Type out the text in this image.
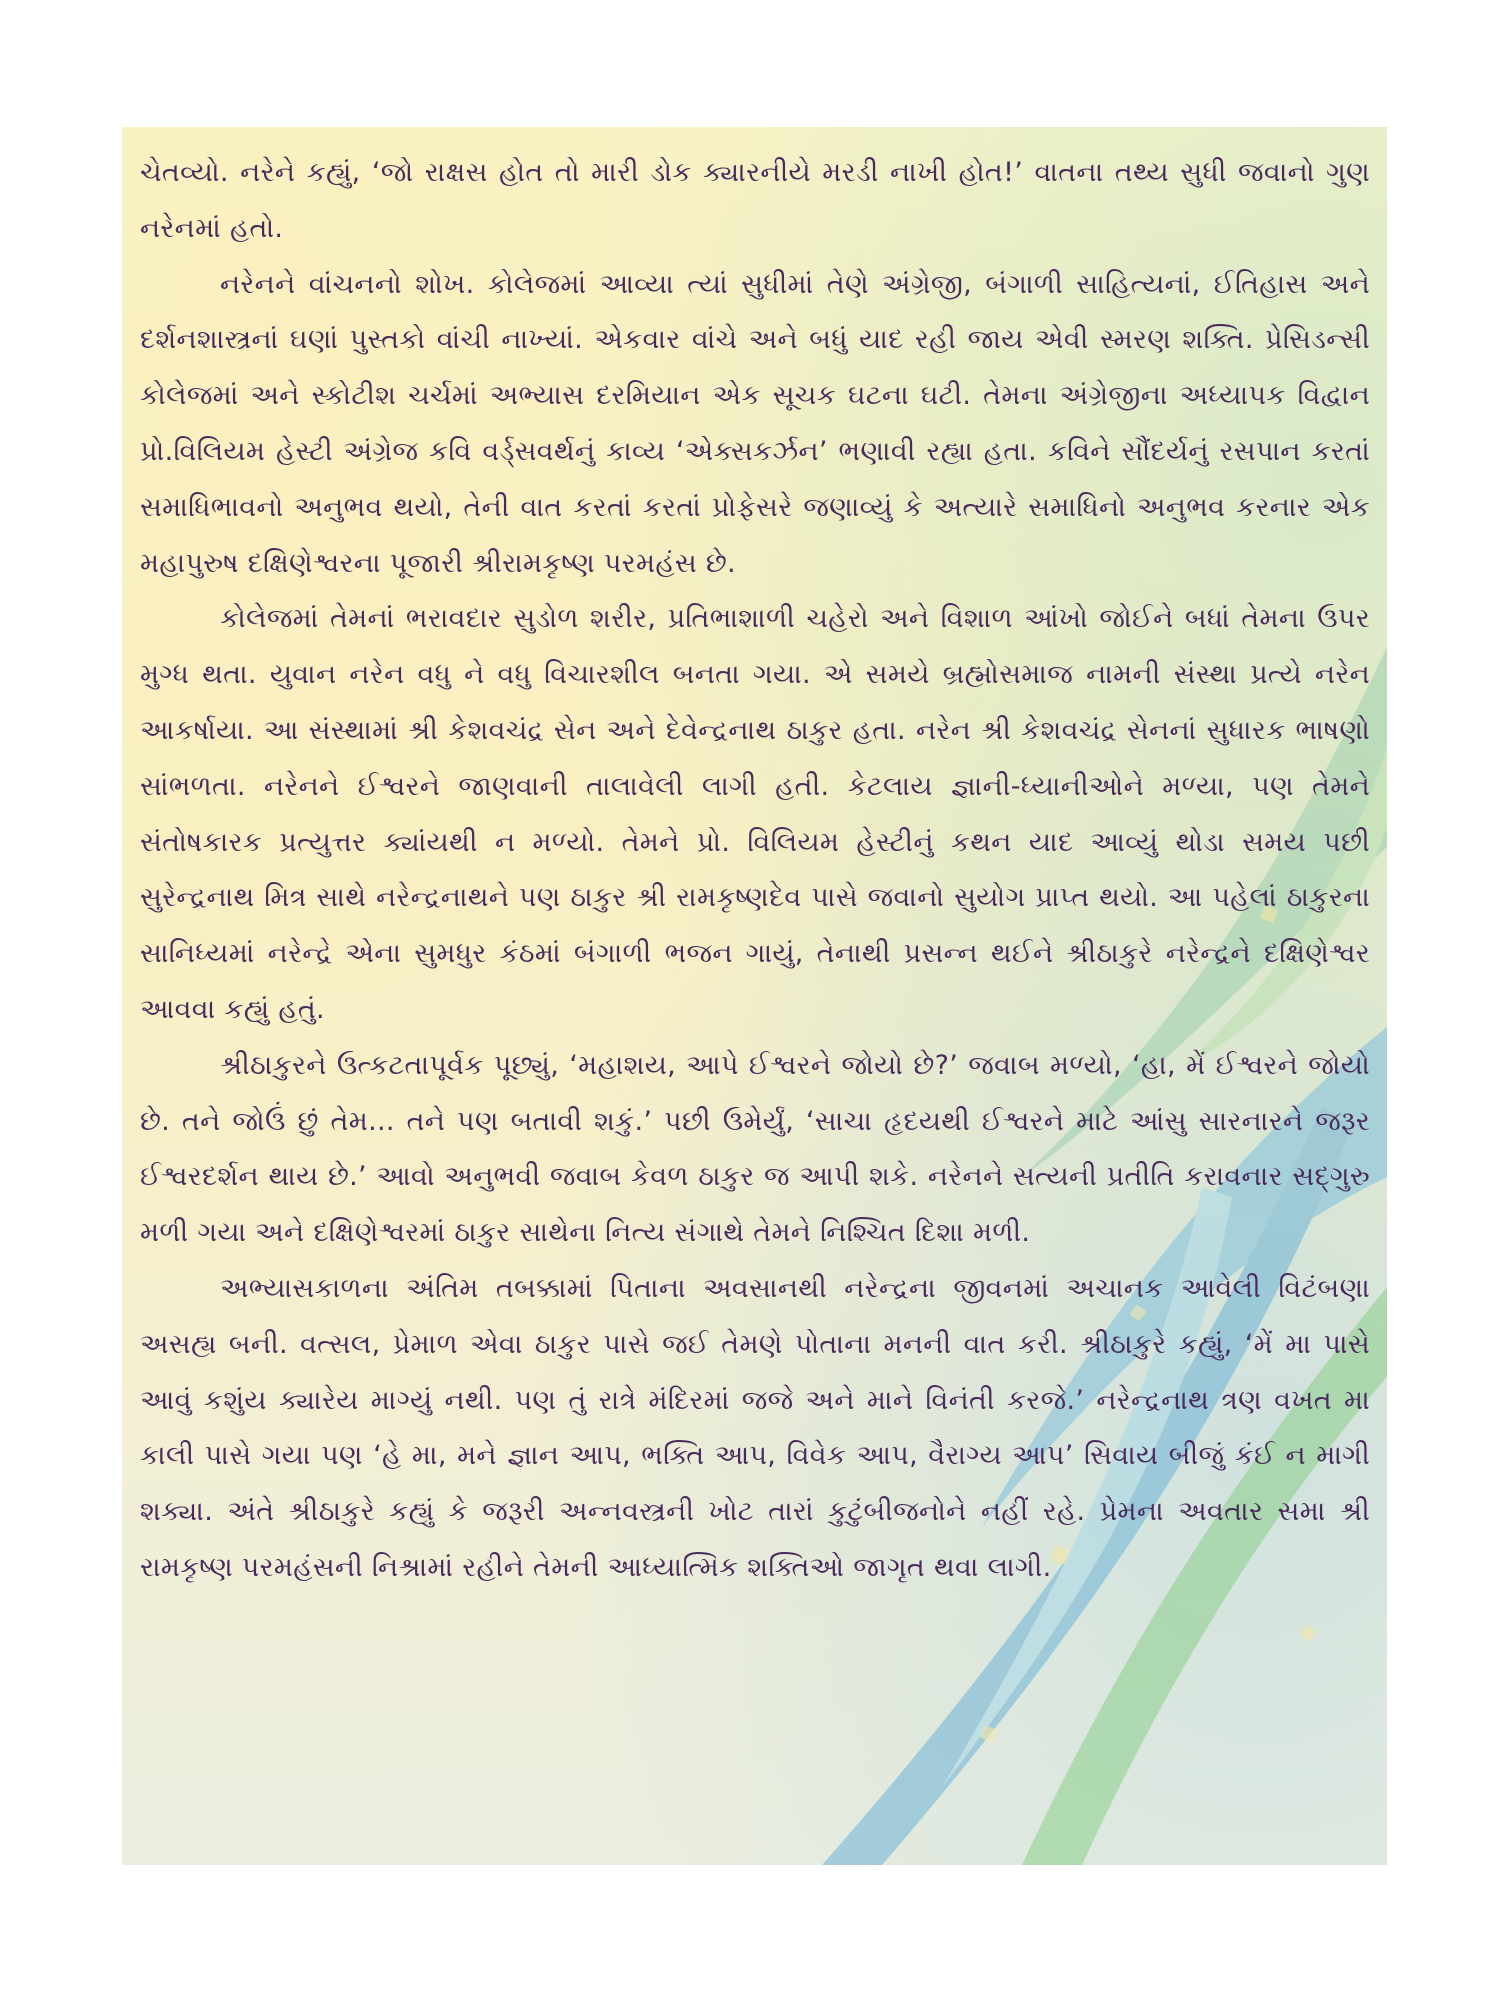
ચેતવ્યો. નરેને કહ્યું, ‘જો રાક્ષસ હોત તો મારી ડોક ક્યારનીયે મરડી નાખી હોત!’ વાતના તથ્ય સુધી જવાનો ગુણ નરેનમાં હતો.

નરેનને વાંચનનો શોખ. કોલેજમાં આવ્યા ત્યાં સુધીમાં તેણે અંગ્રેજી, બંગાળી સાહિત્યનાં, ઈતિહાસ અને દર્શનશાસ્ત્રનાં ઘણાં પુસ્તકો વાંચી નાખ્યાં. એકવાર વાંચે અને બધું યાદ રહી જાય એવી સ્મરણ શક્તિ. પ્રેસિડન્સી કોલેજમાં અને સ્કોટીશ ચર્ચમાં અભ્યાસ દરમિયાન એક સૂચક ઘટના ઘટી. તેમના અંગ્રેજીના અધ્યાપક વિદ્વાન પ્રો.વિલિયમ હેસ્ટી અંગ્રેજ કવિ વર્ડ્‌સવર્થનું કાવ્ય ‘એક્સકર્ઝન’ ભણાવી રહ્યા હતા. કવિને સૌંદર્યનું રસપાન કરતાં સમાધિભાવનો અનુભવ થયો, તેની વાત કરતાં કરતાં પ્રોફેસરે જણાવ્યું કે અત્યારે સમાધિનો અનુભવ કરનાર એક મહાપુરુષ દક્ષિણેશ્વરના પૂજારી શ્રીરામકૃષ્ણ પરમહંસ છે.

કોલેજમાં તેમનાં ભરાવદાર સુડોળ શરીર, પ્રતિભાશાળી ચહેરો અને વિશાળ આંખો જોઈને બધાં તેમના ઉપર મુગ્ધ થતા. યુવાન નરેન વધુ ને વધુ વિચારશીલ બનતા ગયા. એ સમયે બ્રહ્મોસમાજ નામની સંસ્થા પ્રત્યે નરેન આકર્ષાયા. આ સંસ્થામાં શ્રી કેશવચંદ્ર સેન અને દેવેન્દ્રનાથ ઠાકુર હતા. નરેન શ્રી કેશવચંદ્ર સેનનાં સુધારક ભાષણો સાંભળતા. નરેનને ઈશ્વરને જાણવાની તાલાવેલી લાગી હતી. કેટલાય જ્ઞાની-ધ્યાનીઓને મળ્યા, પણ તેમને સંતોષકારક પ્રત્યુત્તર ક્યાંયથી ન મળ્યો. તેમને પ્રો. વિલિયમ હેસ્ટીનું કથન યાદ આવ્યું થોડા સમય પછી સુરેન્દ્રનાથ મિત્ર સાથે નરેન્દ્રનાથને પણ ઠાકુર શ્રી રામકૃષ્ણદેવ પાસે જવાનો સુયોગ પ્રાપ્ત થયો. આ પહેલાં ઠાકુરના સાનિધ્યમાં નરેન્દ્રે એના સુમધુર કંઠમાં બંગાળી ભજન ગાયું, તેનાથી પ્રસન્ન થઈને શ્રીઠાકુરે નરેન્દ્રને દક્ષિણેશ્વર આવવા કહ્યું હતું.

શ્રીઠાકુરને ઉત્કટતાપૂર્વક પૂછ્યું, ‘મહાશય, આપે ઈશ્વરને જોયો છે?’ જવાબ મળ્યો, ‘હા, મેં ઈશ્વરને જોયો છે. તને જોઉં છું તેમ... તને પણ બતાવી શકું.’ પછી ઉમેર્યું, ‘સાચા હૃદયથી ઈશ્વરને માટે આંસુ સારનારને જરૂર ઈશ્વરદર્શન થાય છે.’ આવો અનુભવી જવાબ કેવળ ઠાકુર જ આપી શકે. નરેનને સત્યની પ્રતીતિ કરાવનાર સદ્‌ગુરુ મળી ગયા અને દક્ષિણેશ્વરમાં ઠાકુર સાથેના નિત્ય સંગાથે તેમને નિશ્ચિત દિશા મળી.

અભ્યાસકાળના અંતિમ તબક્કામાં પિતાના અવસાનથી નરેન્દ્રના જીવનમાં અચાનક આવેલી વિટંબણા અસહ્ય બની. વત્સલ, પ્રેમાળ એવા ઠાકુર પાસે જઈ તેમણે પોતાના મનની વાત કરી. શ્રીઠાકુરે કહ્યું, ‘મેં મા પાસે આવું કશુંય ક્યારેય માગ્યું નથી. પણ તું રાત્રે મંદિરમાં જજે અને માને વિનંતી કરજે.’ નરેન્દ્રનાથ ત્રણ વખત મા કાલી પાસે ગયા પણ ‘હે મા, મને જ્ઞાન આપ, ભક્તિ આપ, વિવેક આપ, વૈરાગ્ય આપ’ સિવાય બીજું કંઈ ન માગી શક્યા. અંતે શ્રીઠાકુરે કહ્યું કે જરૂરી અન્નવસ્ત્રની ખોટ તારાં કુટુંબીજનોને નહીં રહે. પ્રેમના અવતાર સમા શ્રી રામકૃષ્ણ પરમહંસની નિશ્રામાં રહીને તેમની આધ્યાત્મિક શક્તિઓ જાગૃત થવા લાગી.
